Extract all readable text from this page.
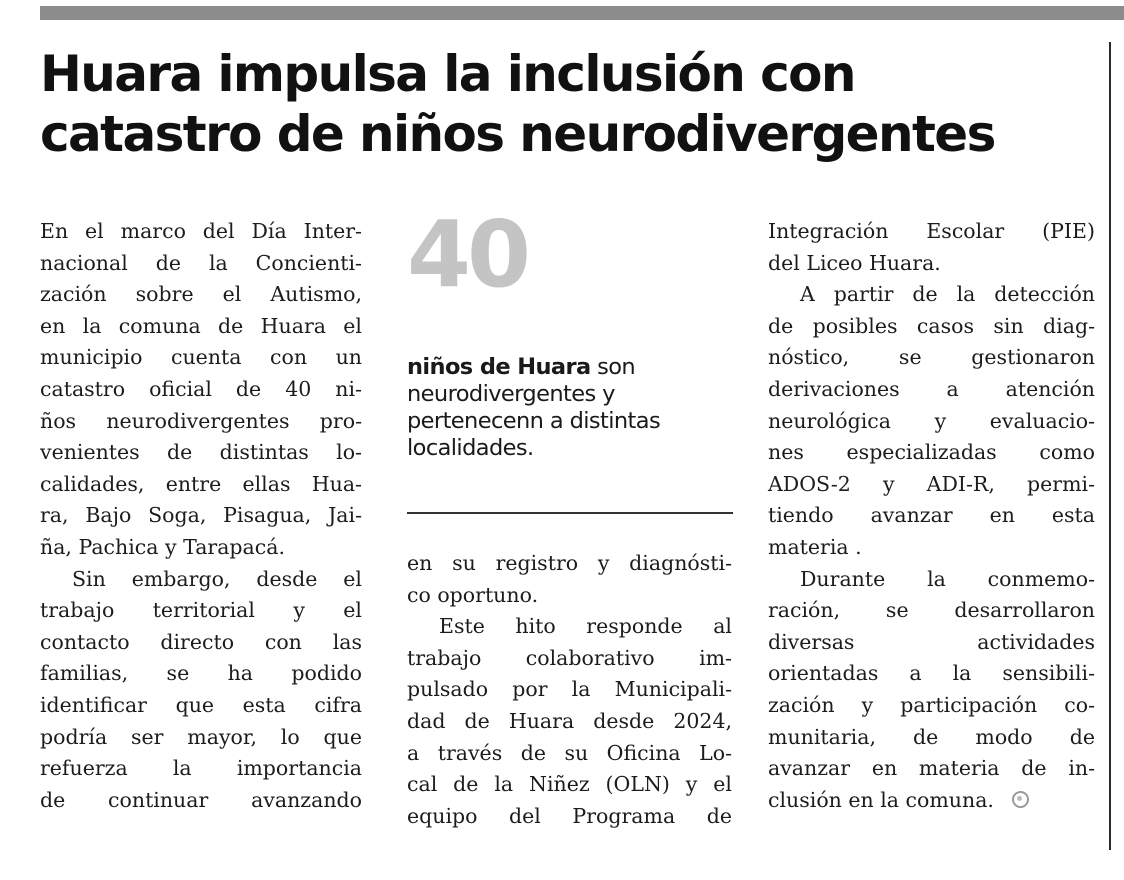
Huara impulsa la inclusión con
catastro de niños neurodivergentes

En el marco del Día Inter-
nacional de la Concienti-
zación sobre el Autismo,
en la comuna de Huara el
municipio cuenta con un
catastro oficial de 40 ni-
ños neurodivergentes pro-
venientes de distintas lo-
calidades, entre ellas Hua-
ra, Bajo Soga, Pisagua, Jai-
ña, Pachica y Tarapacá.

Sin embargo, desde el
trabajo territorial y el
contacto directo con las
familias, se ha podido
identificar que esta cifra
podría ser mayor, lo que
refuerza la importancia
de continuar avanzando

40
niños de Huara son
neurodivergentes y
pertenecenn a distintas
localidades.

en su registro y diagnósti-
co oportuno.

Este hito responde al
trabajo colaborativo im-
pulsado por la Municipali-
dad de Huara desde 2024,
a través de su Oficina Lo-
cal de la Niñez (OLN) y el
equipo del Programa de

Integración Escolar (PIE)
del Liceo Huara.

A partir de la detección
de posibles casos sin diag-
nóstico, se gestionaron
derivaciones a atención
neurológica y evaluacio-
nes especializadas como
ADOS-2 y ADI-R, permi-
tiendo avanzar en esta
materia .

Durante la conmemo-
ración, se desarrollaron
diversas actividades
orientadas a la sensibili-
zación y participación co-
munitaria, de modo de
avanzar en materia de in-
clusión en la comuna.
